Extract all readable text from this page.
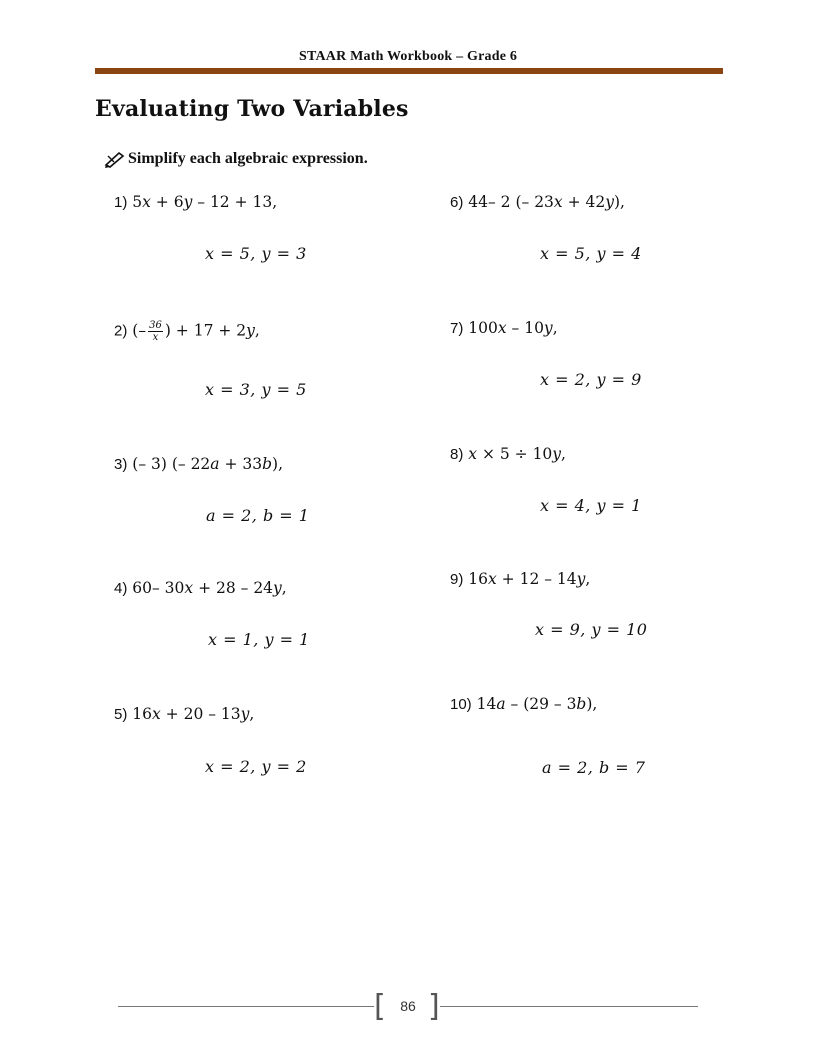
STAAR Math Workbook – Grade 6
Evaluating Two Variables
Simplify each algebraic expression.
1) 5𝑥 + 6𝑦 – 12 + 13,
𝑥 = 5, 𝑦 = 3
2) (– $\frac{36}{\text{𝑥}}$ ) + 17 + 2𝑦,
𝑥 = 3, 𝑦 = 5
3) (– 3) (– 22𝑎 + 33𝑏),
𝑎 = 2, 𝑏 = 1
4) 60– 30𝑥 + 28 – 24𝑦,
𝑥 = 1, 𝑦 = 1
5) 16𝑥 + 20 – 13𝑦,
𝑥 = 2, 𝑦 = 2
6) 44– 2 (– 23𝑥 + 42𝑦),
𝑥 = 5, 𝑦 = 4
7) 100𝑥 – 10𝑦,
𝑥 = 2, 𝑦 = 9
8) 𝑥 × 5 ÷ 10𝑦,
𝑥 = 4, 𝑦 = 1
9) 16𝑥 + 12 – 14𝑦,
𝑥 = 9, 𝑦 = 10
10) 14𝑎 – (29 – 3𝑏),
𝑎 = 2, 𝑏 = 7
[	86 ]
